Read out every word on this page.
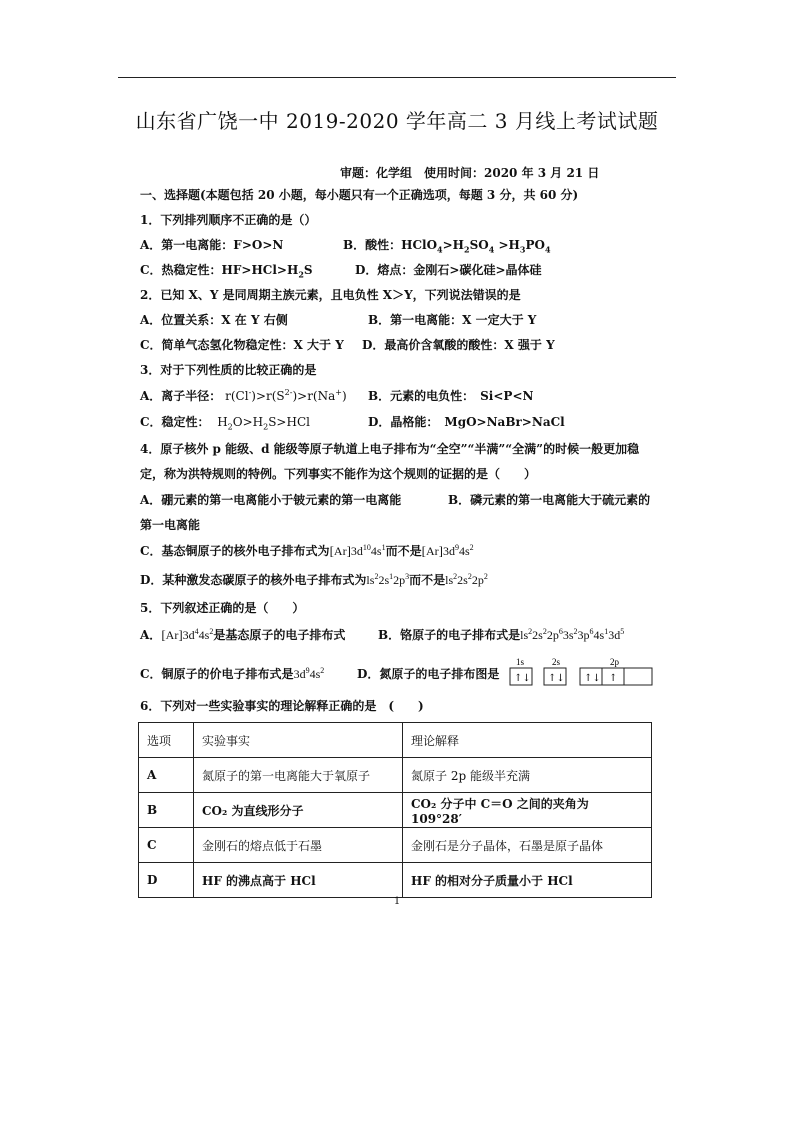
山东省广饶一中 2019-2020 学年高二 3 月线上考试试题
审题：化学组　使用时间：2020 年 3 月 21 日
一、选择题(本题包括 20 小题，每小题只有一个正确选项，每题 3 分，共 60 分)
1．下列排列顺序不正确的是（）
A．第一电离能：F>O>N	B．酸性：$HClO_4>H_2SO_4 >H_3PO_4$
C．热稳定性：$HF>HCl>H_2S$	D．熔点：金刚石>碳化硅>晶体硅
2．已知 X、Y 是同周期主族元素，且电负性 X＞Y，下列说法错误的是
A．位置关系：X 在 Y 右侧	B．第一电离能：X 一定大于 Y
C．简单气态氢化物稳定性：X 大于 Y D．最高价含氧酸的酸性：X 强于 Y
3．对于下列性质的比较正确的是
A．离子半径： $r(Cl^-)>r(S^{2-})>r(Na^+)$ B．元素的电负性：　Si<P<N
C．稳定性：  $H_2O>H_2S>HCl$	D．晶格能：　MgO>NaBr>NaCl
4．原子核外 p 能级、d 能级等原子轨道上电子排布为“全空”“半满”“全满”的时候一般更加稳
定，称为洪特规则的特例。下列事实不能作为这个规则的证据的是（　　）
A．硼元素的第一电离能小于铍元素的第一电离能	B．磷元素的第一电离能大于硫元素的
第一电离能
C．基态铜原子的核外电子排布式为$[Ar]3d^{10}4s^1$而不是$[Ar]3d^94s^2$
D．某种激发态碳原子的核外电子排布式为$ls^22s^12p^3$而不是$ls^22s^22p^2$
5．下列叙述正确的是（　　）
A．$[Ar]3d^44s^2$是基态原子的电子排布式	B．铬原子的电子排布式是$ls^22s^22p^63s^23p^64s^13d^5$
C．铜原子的价电子排布式是$3d^94s^2$	D．氮原子的电子排布图是
1s	2s	2p
↑↓ ↑↓ ↑↓ ↑
6．下列对一些实验事实的理论解释正确的是　(　　)
选项	实验事实	理论解释
A	氮原子的第一电离能大于氧原子	氮原子 2p 能级半充满
B	CO₂ 为直线形分子	CO₂ 分子中 C＝O 之间的夹角为 109°28′
C	金刚石的熔点低于石墨	金刚石是分子晶体，石墨是原子晶体
D	HF 的沸点高于 HCl	HF 的相对分子质量小于 HCl
1
